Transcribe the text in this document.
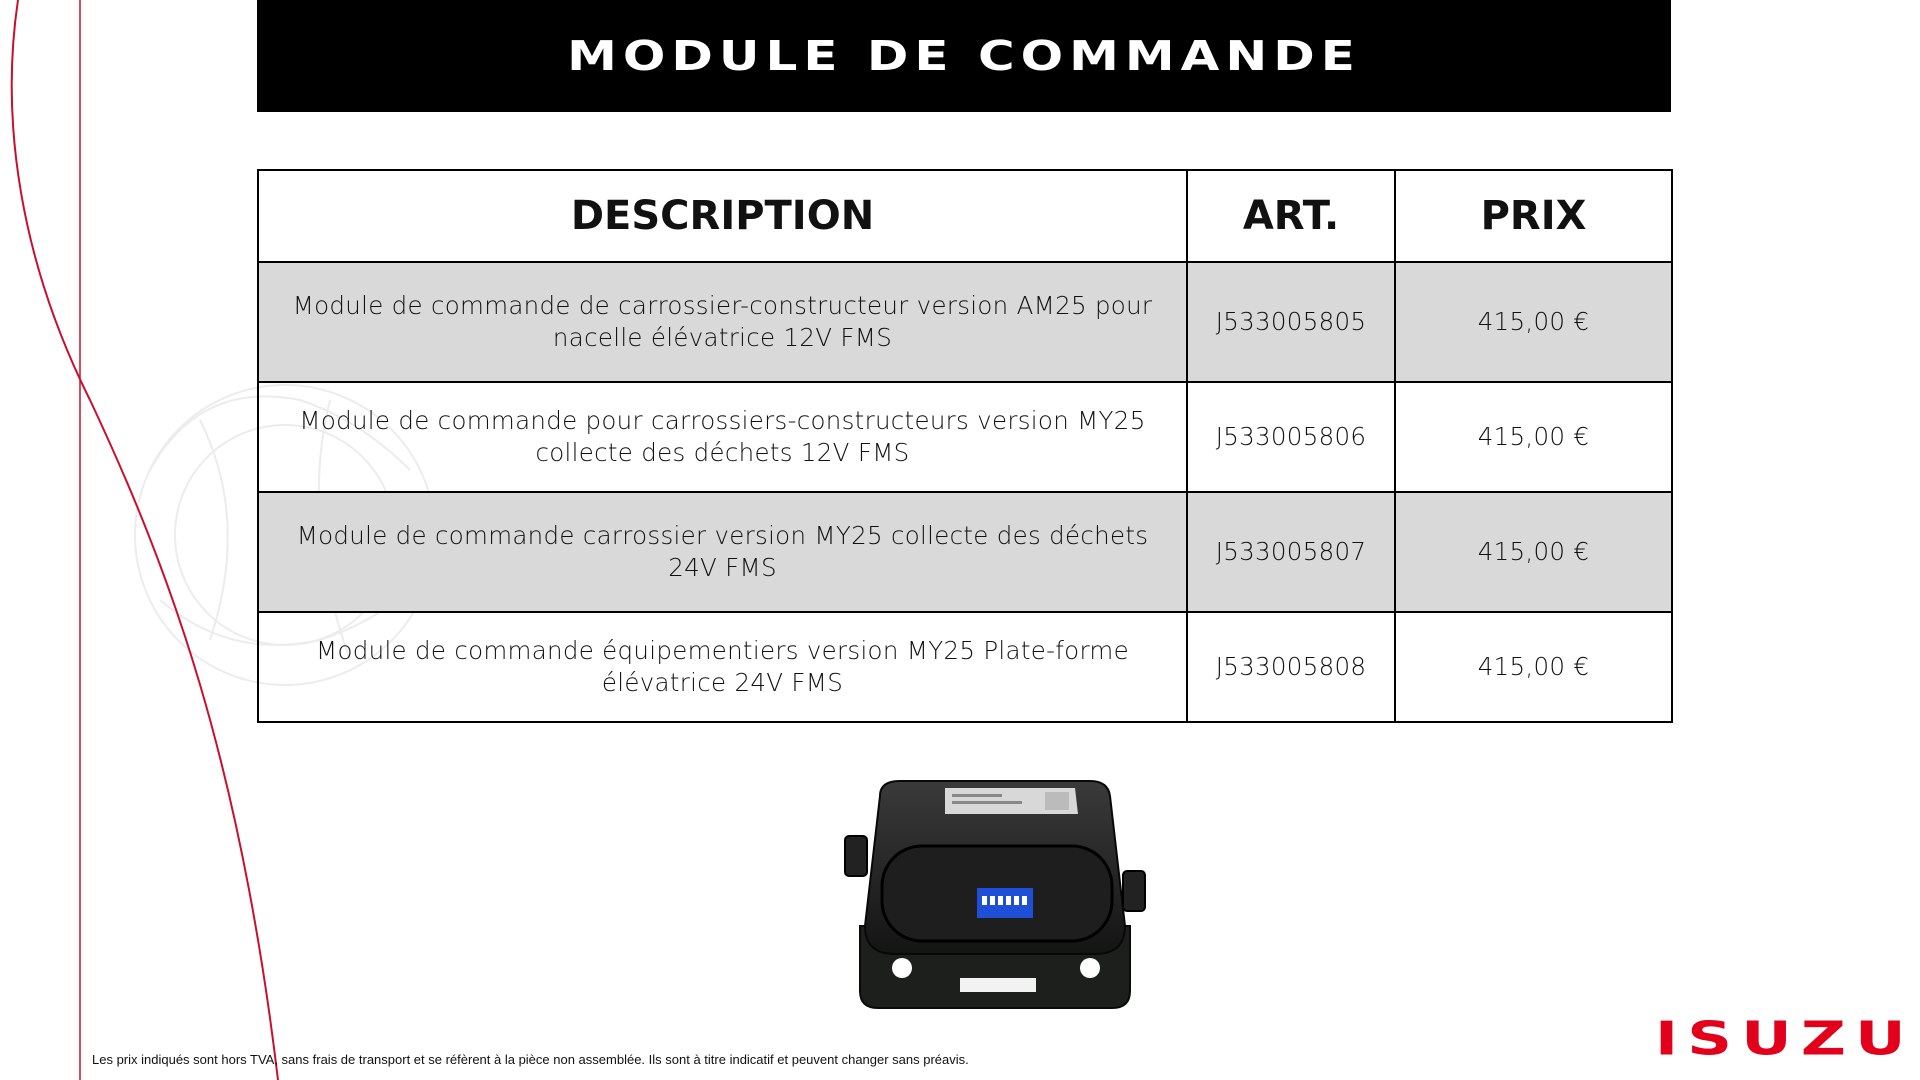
MODULE DE COMMANDE
DESCRIPTION	ART.	PRIX
Module de commande de carrossier-constructeur version AM25 pour nacelle élévatrice 12V FMS	J533005805	415,00 €
Module de commande pour carrossiers-constructeurs version MY25 collecte des déchets 12V FMS	J533005806	415,00 €
Module de commande carrossier version MY25 collecte des déchets 24V FMS	J533005807	415,00 €
Module de commande équipementiers version MY25 Plate-forme élévatrice 24V FMS	J533005808	415,00 €
Les prix indiqués sont hors TVA, sans frais de transport et se réfèrent à la pièce non assemblée. Ils sont à titre indicatif et peuvent changer sans préavis.	ISUZU
